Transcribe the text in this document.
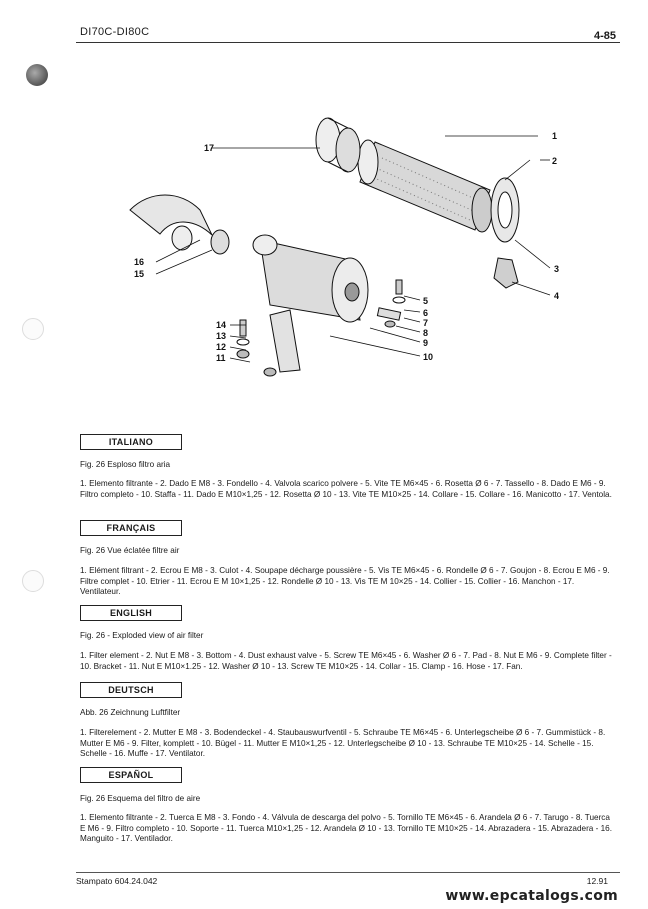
DI70C-DI80C	4-85
1
2
3
4
5
6
7
8
9
10
11
12
13
14
15
16
17
ITALIANO
Fig. 26 Esploso filtro aria
1. Elemento filtrante - 2. Dado E M8 - 3. Fondello - 4. Valvola scarico polvere - 5. Vite TE M6×45 - 6. Rosetta Ø 6 - 7. Tassello - 8. Dado E M6 - 9. Filtro completo - 10. Staffa - 11. Dado E M10×1,25 - 12. Rosetta Ø 10 - 13. Vite TE M10×25 - 14. Collare - 15. Collare - 16. Manicotto - 17. Ventola.
FRANÇAIS
Fig. 26 Vue éclatée filtre air
1. Elément filtrant - 2. Ecrou E M8 - 3. Culot - 4. Soupape décharge poussière - 5. Vis TE M6×45 - 6. Rondelle Ø 6 - 7. Goujon - 8. Ecrou E M6 - 9. Filtre complet - 10. Etrier - 11. Ecrou E M 10×1,25 - 12. Rondelle Ø 10 - 13. Vis TE M 10×25 - 14. Collier - 15. Collier - 16. Manchon - 17. Ventilateur.
ENGLISH
Fig. 26 - Exploded view of air filter
1. Filter element - 2. Nut E M8 - 3. Bottom - 4. Dust exhaust valve - 5. Screw TE M6×45 - 6. Washer Ø 6 - 7. Pad - 8. Nut E M6 - 9. Complete filter - 10. Bracket - 11. Nut E M10×1.25 - 12. Washer Ø 10 - 13. Screw TE M10×25 - 14. Collar - 15. Clamp - 16. Hose - 17. Fan.
DEUTSCH
Abb. 26 Zeichnung Luftfilter
1. Filterelement - 2. Mutter E M8 - 3. Bodendeckel - 4. Staubauswurfventil - 5. Schraube TE M6×45 - 6. Unterlegscheibe Ø 6 - 7. Gummistück - 8. Mutter E M6 - 9. Filter, komplett - 10. Bügel - 11. Mutter E M10×1,25 - 12. Unterlegscheibe Ø 10 - 13. Schraube TE M10×25 - 14. Schelle - 15. Schelle - 16. Muffe - 17. Ventilator.
ESPAÑOL
Fig. 26 Esquema del filtro de aire
1. Elemento filtrante - 2. Tuerca E M8 - 3. Fondo - 4. Válvula de descarga del polvo - 5. Tornillo TE M6×45 - 6. Arandela Ø 6 - 7. Tarugo - 8. Tuerca E M6 - 9. Filtro completo - 10. Soporte - 11. Tuerca M10×1,25 - 12. Arandela Ø 10 - 13. Tornillo TE M10×25 - 14. Abrazadera - 15. Abrazadera - 16. Manguito - 17. Ventilador.
Stampato 604.24.042	12.91
www.epcatalogs.com
